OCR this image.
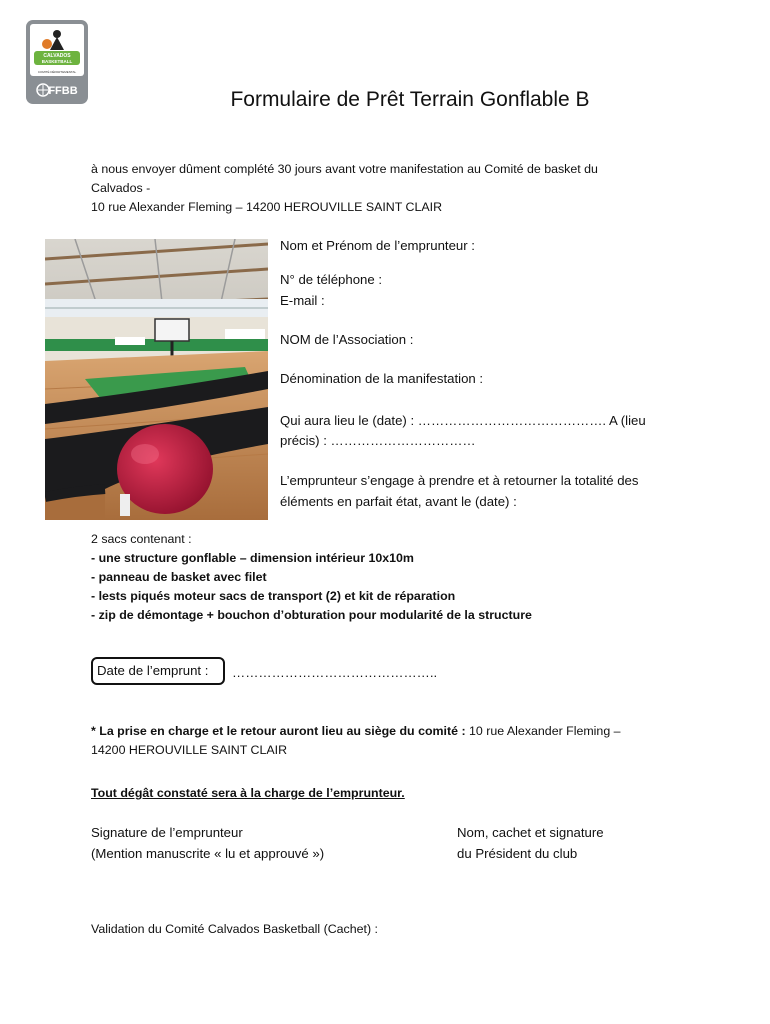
CALVADOS
BASKETBALL
COMITÉ DÉPARTEMENTAL
FFBB	Formulaire de Prêt Terrain Gonflable B
à nous envoyer dûment complété 30 jours avant votre manifestation au Comité de basket du
Calvados -
10 rue Alexander Fleming – 14200 HEROUVILLE SAINT CLAIR
Nom et Prénom de l’emprunteur :
N° de téléphone :
E-mail :
NOM de l’Association :
Dénomination de la manifestation :
Qui aura lieu le (date) : ……………………………………. A (lieu
précis) : ……………………………
L’emprunteur s’engage à prendre et à retourner la totalité des
éléments en parfait état, avant le (date) :
2 sacs contenant :
- une structure gonflable – dimension intérieur 10x10m
- panneau de basket avec filet
- lests piqués moteur sacs de transport (2) et kit de réparation
- zip de démontage + bouchon d’obturation pour modularité de la structure
Date de l’emprunt :	………………………………………..
* La prise en charge et le retour auront lieu au siège du comité : 10 rue Alexander Fleming –
14200 HEROUVILLE SAINT CLAIR
Tout dégât constaté sera à la charge de l’emprunteur.
Signature de l’emprunteur
(Mention manuscrite « lu et approuvé »)
Nom, cachet et signature
du Président du club
Validation du Comité Calvados Basketball (Cachet) :
